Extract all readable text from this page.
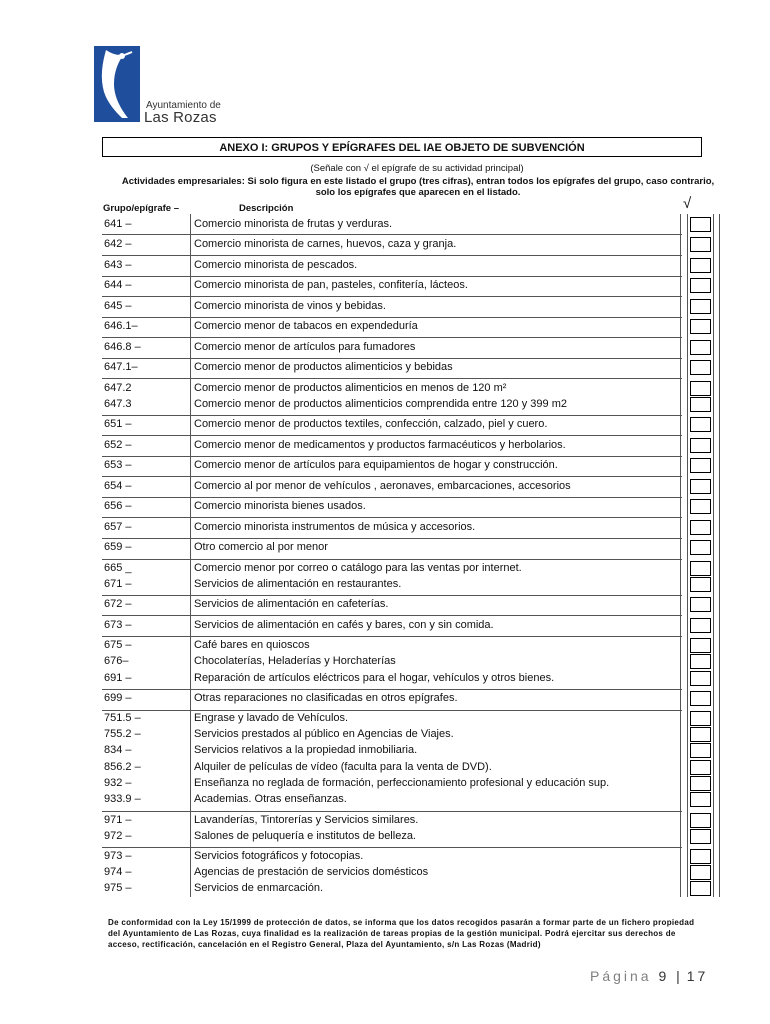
Ayuntamiento de
Las Rozas
ANEXO I: GRUPOS Y EPÍGRAFES DEL IAE OBJETO DE SUBVENCIÓN
(Señale con √ el epígrafe de su actividad principal)
Actividades empresariales: Si solo figura en este listado el grupo (tres cifras), entran todos los epígrafes del grupo, caso contrario, solo los epígrafes que aparecen en el listado.
Grupo/epígrafe –	Descripción	√
641 –	Comercio minorista de frutas y verduras.
642 –	Comercio minorista de carnes, huevos, caza y granja.
643 –	Comercio minorista de pescados.
644 –	Comercio minorista de pan, pasteles, confitería, lácteos.
645 –	Comercio minorista de vinos y bebidas.
646.1–	Comercio menor de tabacos en expendeduría
646.8 –	Comercio menor de artículos para fumadores
647.1–	Comercio menor de productos alimenticios y bebidas
647.2	Comercio menor de productos alimenticios en menos de 120 m²
647.3	Comercio menor de productos alimenticios comprendida entre 120 y 399 m2
651 –	Comercio menor de productos textiles, confección, calzado, piel y cuero.
652 –	Comercio menor de medicamentos y productos farmacéuticos y herbolarios.
653 –	Comercio menor de artículos para equipamientos de hogar y construcción.
654 –	Comercio al por menor de vehículos , aeronaves, embarcaciones, accesorios
656 –	Comercio minorista bienes usados.
657 –	Comercio minorista instrumentos de música y accesorios.
659 –	Otro comercio al por menor
665 _	Comercio menor por correo o catálogo para las ventas por internet.
671 –	Servicios de alimentación en restaurantes.
672 –	Servicios de alimentación en cafeterías.
673 –	Servicios de alimentación en cafés y bares, con y sin comida.
675 –	Café bares en quioscos
676–	Chocolaterías, Heladerías y Horchaterías
691 –	Reparación de artículos eléctricos para el hogar, vehículos y otros bienes.
699 –	Otras reparaciones no clasificadas en otros epígrafes.
751.5 –	Engrase y lavado de Vehículos.
755.2 –	Servicios prestados al público en Agencias de Viajes.
834 –	Servicios relativos a la propiedad inmobiliaria.
856.2 –	Alquiler de películas de vídeo (faculta para la venta de DVD).
932 –	Enseñanza no reglada de formación, perfeccionamiento profesional y educación sup.
933.9 –	Academias. Otras enseñanzas.
971 –	Lavanderías, Tintorerías y Servicios similares.
972 –	Salones de peluquería e institutos de belleza.
973 –	Servicios fotográficos y fotocopias.
974 –	Agencias de prestación de servicios domésticos
975 –	Servicios de enmarcación.
De conformidad con la Ley 15/1999 de protección de datos, se informa que los datos recogidos pasarán a formar parte de un fichero propiedad del Ayuntamiento de Las Rozas, cuya finalidad es la realización de tareas propias de la gestión municipal. Podrá ejercitar sus derechos de acceso, rectificación, cancelación en el Registro General, Plaza del Ayuntamiento, s/n Las Rozas (Madrid)
Página 9 | 17
